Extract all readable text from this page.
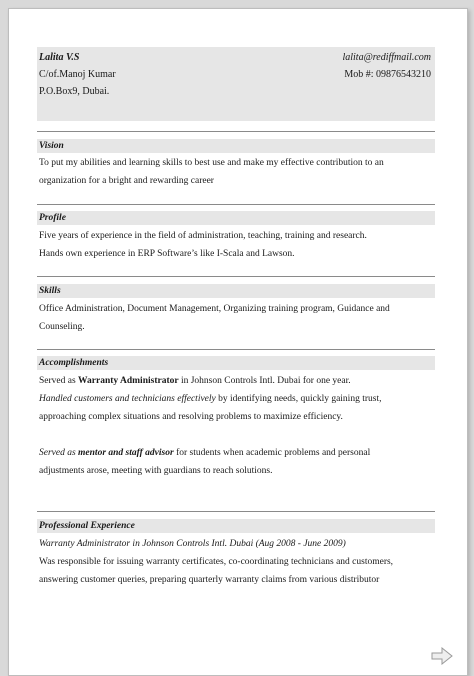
Lalita V.S
C/of.Manoj Kumar
P.O.Box9, Dubai.
lalita@rediffmail.com
Mob #: 09876543210
Vision

To put my abilities and learning skills to best use and make my effective contribution to an

organization for a bright and rewarding career

Profile

Five years of experience in the field of administration, teaching, training and research.

Hands own experience in ERP Software’s like I-Scala and Lawson.

Skills

Office Administration, Document Management, Organizing training program, Guidance and

Counseling.

Accomplishments

Served as Warranty Administrator in Johnson Controls Intl. Dubai for one year.

Handled customers and technicians effectively by identifying needs, quickly gaining trust,

approaching complex situations and resolving problems to maximize efficiency.

Served as mentor and staff advisor for students when academic problems and personal

adjustments arose, meeting with guardians to reach solutions.

Professional Experience

Warranty Administrator in Johnson Controls Intl. Dubai (Aug 2008 - June 2009)

Was responsible for issuing warranty certificates, co-coordinating technicians and customers,

answering customer queries, preparing quarterly warranty claims from various distributor
